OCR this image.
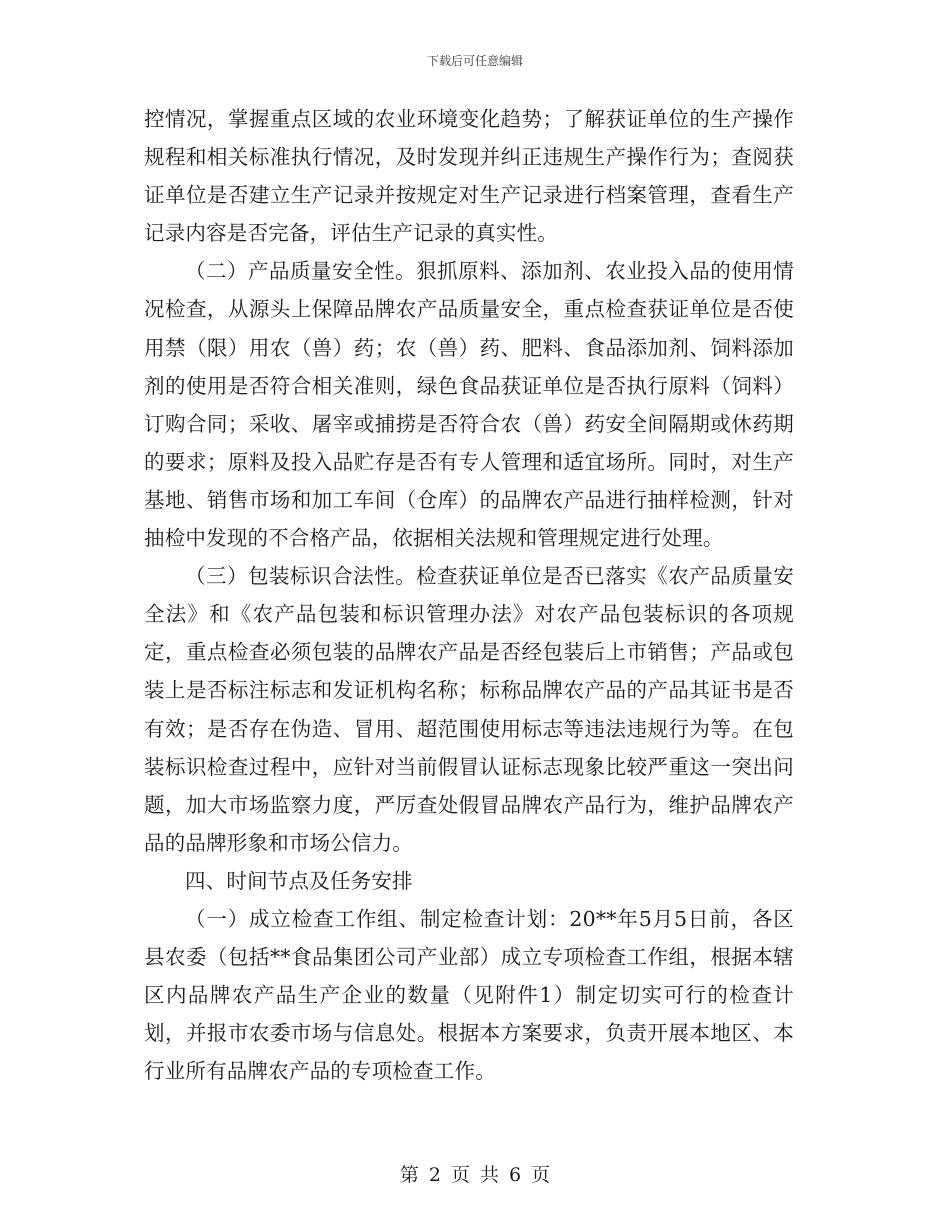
下载后可任意编辑

控情况，掌握重点区域的农业环境变化趋势；了解获证单位的生产操作规程和相关标准执行情况，及时发现并纠正违规生产操作行为；查阅获证单位是否建立生产记录并按规定对生产记录进行档案管理，查看生产记录内容是否完备，评估生产记录的真实性。

（二）产品质量安全性。狠抓原料、添加剂、农业投入品的使用情况检查，从源头上保障品牌农产品质量安全，重点检查获证单位是否使用禁（限）用农（兽）药；农（兽）药、肥料、食品添加剂、饲料添加剂的使用是否符合相关准则，绿色食品获证单位是否执行原料（饲料）订购合同；采收、屠宰或捕捞是否符合农（兽）药安全间隔期或休药期的要求；原料及投入品贮存是否有专人管理和适宜场所。同时，对生产基地、销售市场和加工车间（仓库）的品牌农产品进行抽样检测，针对抽检中发现的不合格产品，依据相关法规和管理规定进行处理。

（三）包装标识合法性。检查获证单位是否已落实《农产品质量安全法》和《农产品包装和标识管理办法》对农产品包装标识的各项规定，重点检查必须包装的品牌农产品是否经包装后上市销售；产品或包装上是否标注标志和发证机构名称；标称品牌农产品的产品其证书是否有效；是否存在伪造、冒用、超范围使用标志等违法违规行为等。在包装标识检查过程中，应针对当前假冒认证标志现象比较严重这一突出问题，加大市场监察力度，严厉查处假冒品牌农产品行为，维护品牌农产品的品牌形象和市场公信力。

四、时间节点及任务安排

（一）成立检查工作组、制定检查计划：20**年5月5日前，各区县农委（包括**食品集团公司产业部）成立专项检查工作组，根据本辖区内品牌农产品生产企业的数量（见附件1）制定切实可行的检查计划，并报市农委市场与信息处。根据本方案要求，负责开展本地区、本行业所有品牌农产品的专项检查工作。

第 2 页 共 6 页
